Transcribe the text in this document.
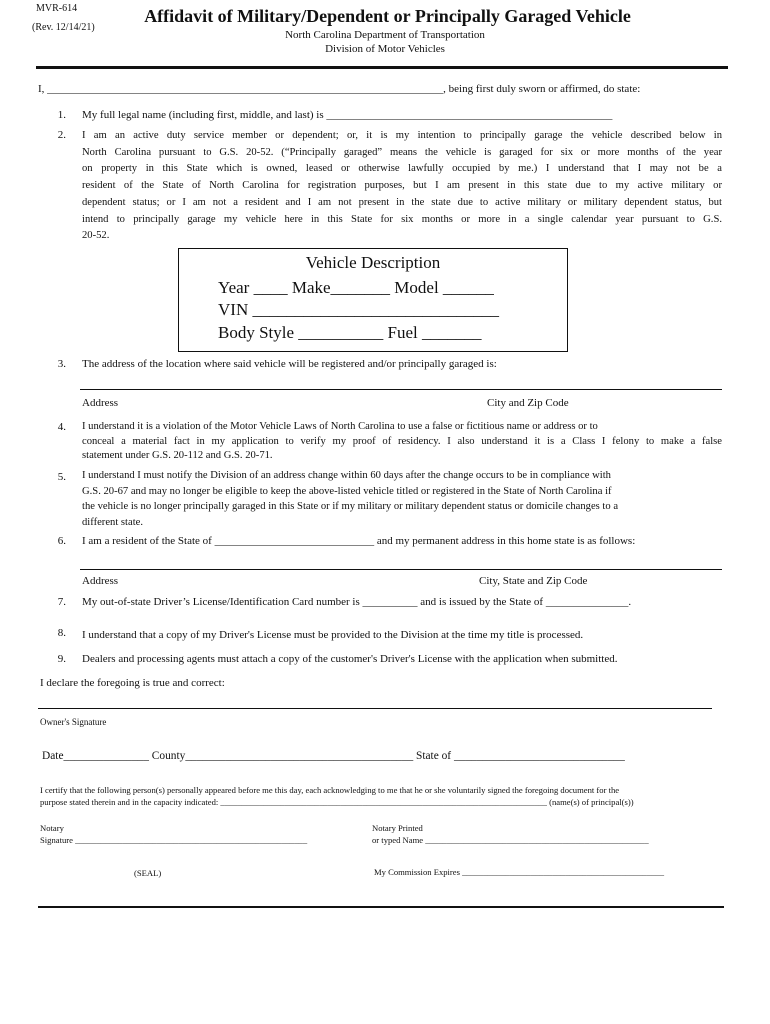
MVR-614
(Rev. 12/14/21)
Affidavit of Military/Dependent or Principally Garaged Vehicle
North Carolina Department of Transportation
Division of Motor Vehicles
I, ________________________________________________________________________, being first duly sworn or affirmed, do state:
1. My full legal name (including first, middle, and last) is ____________________________________________________
2. I am an active duty service member or dependent; or, it is my intention to principally garage the vehicle described below in
North Carolina pursuant to G.S. 20-52. (“Principally garaged” means the vehicle is garaged for six or more months of the year
on property in this State which is owned, leased or otherwise lawfully occupied by me.) I understand that I may not be a
resident of the State of North Carolina for registration purposes, but I am present in this state due to my active military or
dependent status; or I am not a resident and I am not present in the state due to active military or military dependent status, but
intend to principally garage my vehicle here in this State for six months or more in a single calendar year pursuant to G.S.
20-52.
Vehicle Description
Year ____ Make_______ Model ______
VIN _____________________________
Body Style __________ Fuel _______
3. The address of the location where said vehicle will be registered and/or principally garaged is:
Address	City and Zip Code
4. I understand it is a violation of the Motor Vehicle Laws of North Carolina to use a false or fictitious name or address or to
conceal a material fact in my application to verify my proof of residency. I also understand it is a Class I felony to make a false
statement under G.S. 20-112 and G.S. 20-71.
5. I understand I must notify the Division of an address change within 60 days after the change occurs to be in compliance with
G.S. 20-67 and may no longer be eligible to keep the above-listed vehicle titled or registered in the State of North Carolina if
the vehicle is no longer principally garaged in this State or if my military or military dependent status or domicile changes to a
different state.
6. I am a resident of the State of _____________________________ and my permanent address in this home state is as follows:
Address	City, State and Zip Code
7. My out-of-state Driver’s License/Identification Card number is __________ and is issued by the State of _______________.
8. I understand that a copy of my Driver's License must be provided to the Division at the time my title is processed.
9. Dealers and processing agents must attach a copy of the customer's Driver's License with the application when submitted.
I declare the foregoing is true and correct:
Owner's Signature
Date_______________ County________________________________________ State of ______________________________
I certify that the following person(s) personally appeared before me this day, each acknowledging to me that he or she voluntarily signed the foregoing document for the
purpose stated therein and in the capacity indicated: ____________________________________________________________________________ (name(s) of principal(s))
Notary
Signature ______________________________________________________
Notary Printed
or typed Name ____________________________________________________
(SEAL)	My Commission Expires _______________________________________________
